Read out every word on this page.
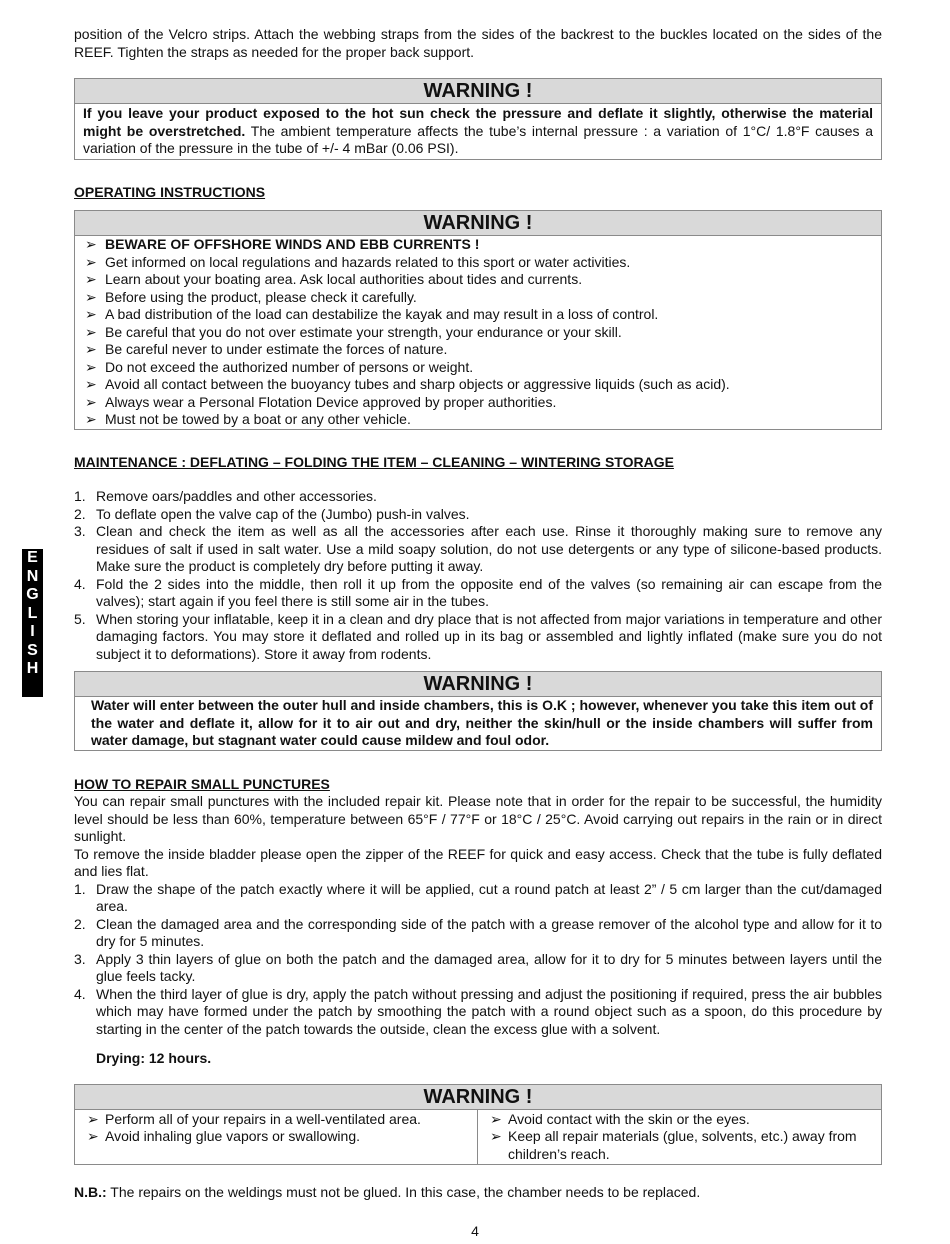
position of the Velcro strips. Attach the webbing straps from the sides of the backrest to the buckles located on the sides of the REEF. Tighten the straps as needed for the proper back support.

WARNING !
If you leave your product exposed to the hot sun check the pressure and deflate it slightly, otherwise the material might be overstretched. The ambient temperature affects the tube’s internal pressure : a variation of 1°C/ 1.8°F causes a variation of the pressure in the tube of +/- 4 mBar (0.06 PSI).

OPERATING INSTRUCTIONS

WARNING !
➢ BEWARE OF OFFSHORE WINDS AND EBB CURRENTS !
➢ Get informed on local regulations and hazards related to this sport or water activities.
➢ Learn about your boating area. Ask local authorities about tides and currents.
➢ Before using the product, please check it carefully.
➢ A bad distribution of the load can destabilize the kayak and may result in a loss of control.
➢ Be careful that you do not over estimate your strength, your endurance or your skill.
➢ Be careful never to under estimate the forces of nature.
➢ Do not exceed the authorized number of persons or weight.
➢ Avoid all contact between the buoyancy tubes and sharp objects or aggressive liquids (such as acid).
➢ Always wear a Personal Flotation Device approved by proper authorities.
➢ Must not be towed by a boat or any other vehicle.

MAINTENANCE : DEFLATING – FOLDING THE ITEM – CLEANING – WINTERING STORAGE

1. Remove oars/paddles and other accessories.
2. To deflate open the valve cap of the (Jumbo) push-in valves.
3. Clean and check the item as well as all the accessories after each use. Rinse it thoroughly making sure to remove any residues of salt if used in salt water. Use a mild soapy solution, do not use detergents or any type of silicone-based products. Make sure the product is completely dry before putting it away.
4. Fold the 2 sides into the middle, then roll it up from the opposite end of the valves (so remaining air can escape from the valves); start again if you feel there is still some air in the tubes.
5. When storing your inflatable, keep it in a clean and dry place that is not affected from major variations in temperature and other damaging factors. You may store it deflated and rolled up in its bag or assembled and lightly inflated (make sure you do not subject it to deformations). Store it away from rodents.
WARNING !
Water will enter between the outer hull and inside chambers, this is O.K ; however, whenever you take this item out of the water and deflate it, allow for it to air out and dry, neither the skin/hull or the inside chambers will suffer from water damage, but stagnant water could cause mildew and foul odor.

HOW TO REPAIR SMALL PUNCTURES

You can repair small punctures with the included repair kit. Please note that in order for the repair to be successful, the humidity level should be less than 60%, temperature between 65°F / 77°F or 18°C / 25°C. Avoid carrying out repairs in the rain or in direct sunlight.

To remove the inside bladder please open the zipper of the REEF for quick and easy access. Check that the tube is fully deflated and lies flat.

1. Draw the shape of the patch exactly where it will be applied, cut a round patch at least 2” / 5 cm larger than the cut/damaged area.
2. Clean the damaged area and the corresponding side of the patch with a grease remover of the alcohol type and allow for it to dry for 5 minutes.
3. Apply 3 thin layers of glue on both the patch and the damaged area, allow for it to dry for 5 minutes between layers until the glue feels tacky.
4. When the third layer of glue is dry, apply the patch without pressing and adjust the positioning if required, press the air bubbles which may have formed under the patch by smoothing the patch with a round object such as a spoon, do this procedure by starting in the center of the patch towards the outside, clean the excess glue with a solvent.

Drying: 12 hours.

WARNING !
➢ Perform all of your repairs in a well-ventilated area.
➢ Avoid inhaling glue vapors or swallowing.
➢ Avoid contact with the skin or the eyes.
➢ Keep all repair materials (glue, solvents, etc.) away from children’s reach.

N.B.: The repairs on the weldings must not be glued. In this case, the chamber needs to be replaced.

E
N
G
L
I
S
H
4
